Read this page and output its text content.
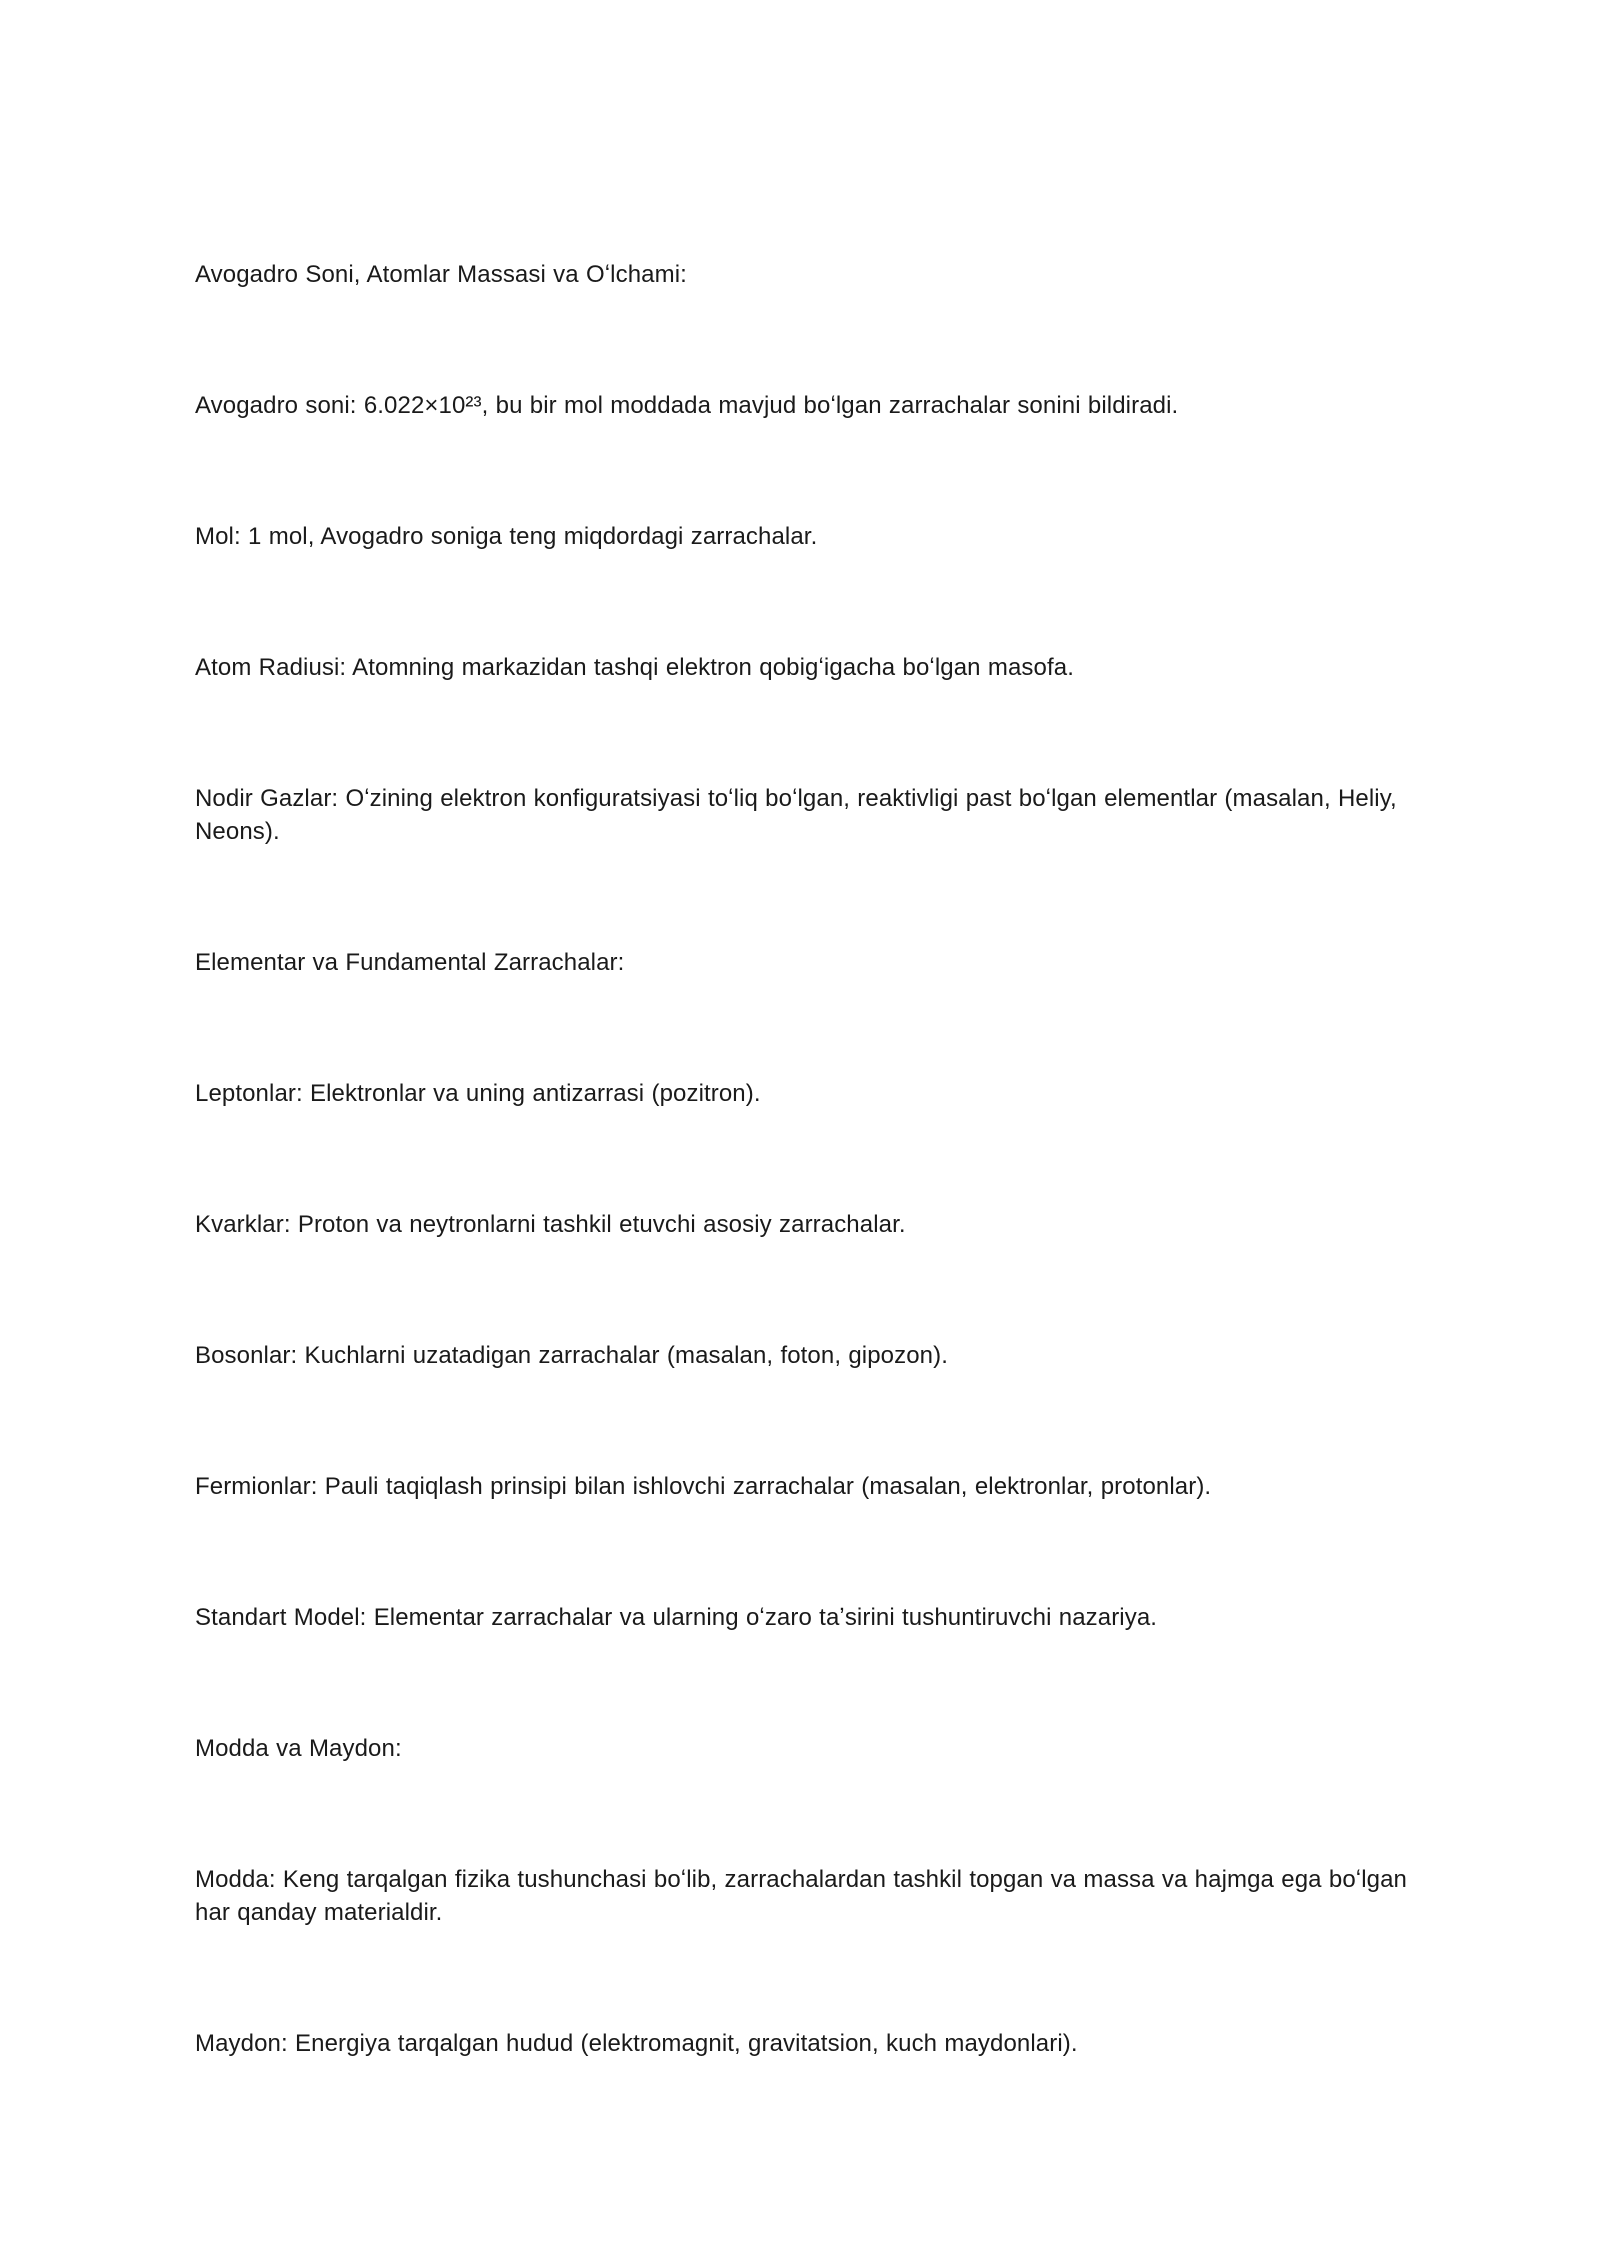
Avogadro Soni, Atomlar Massasi va Oʻlchami:

Avogadro soni: 6.022×10²³, bu bir mol moddada mavjud boʻlgan zarrachalar sonini bildiradi.

Mol: 1 mol, Avogadro soniga teng miqdordagi zarrachalar.

Atom Radiusi: Atomning markazidan tashqi elektron qobigʻigacha boʻlgan masofa.

Nodir Gazlar: Oʻzining elektron konfiguratsiyasi toʻliq boʻlgan, reaktivligi past boʻlgan elementlar (masalan, Heliy, Neons).

Elementar va Fundamental Zarrachalar:

Leptonlar: Elektronlar va uning antizarrasi (pozitron).

Kvarklar: Proton va neytronlarni tashkil etuvchi asosiy zarrachalar.

Bosonlar: Kuchlarni uzatadigan zarrachalar (masalan, foton, gipozon).

Fermionlar: Pauli taqiqlash prinsipi bilan ishlovchi zarrachalar (masalan, elektronlar, protonlar).

Standart Model: Elementar zarrachalar va ularning oʻzaro taʼsirini tushuntiruvchi nazariya.

Modda va Maydon:

Modda: Keng tarqalgan fizika tushunchasi boʻlib, zarrachalardan tashkil topgan va massa va hajmga ega boʻlgan har qanday materialdir.

Maydon: Energiya tarqalgan hudud (elektromagnit, gravitatsion, kuch maydonlari).
